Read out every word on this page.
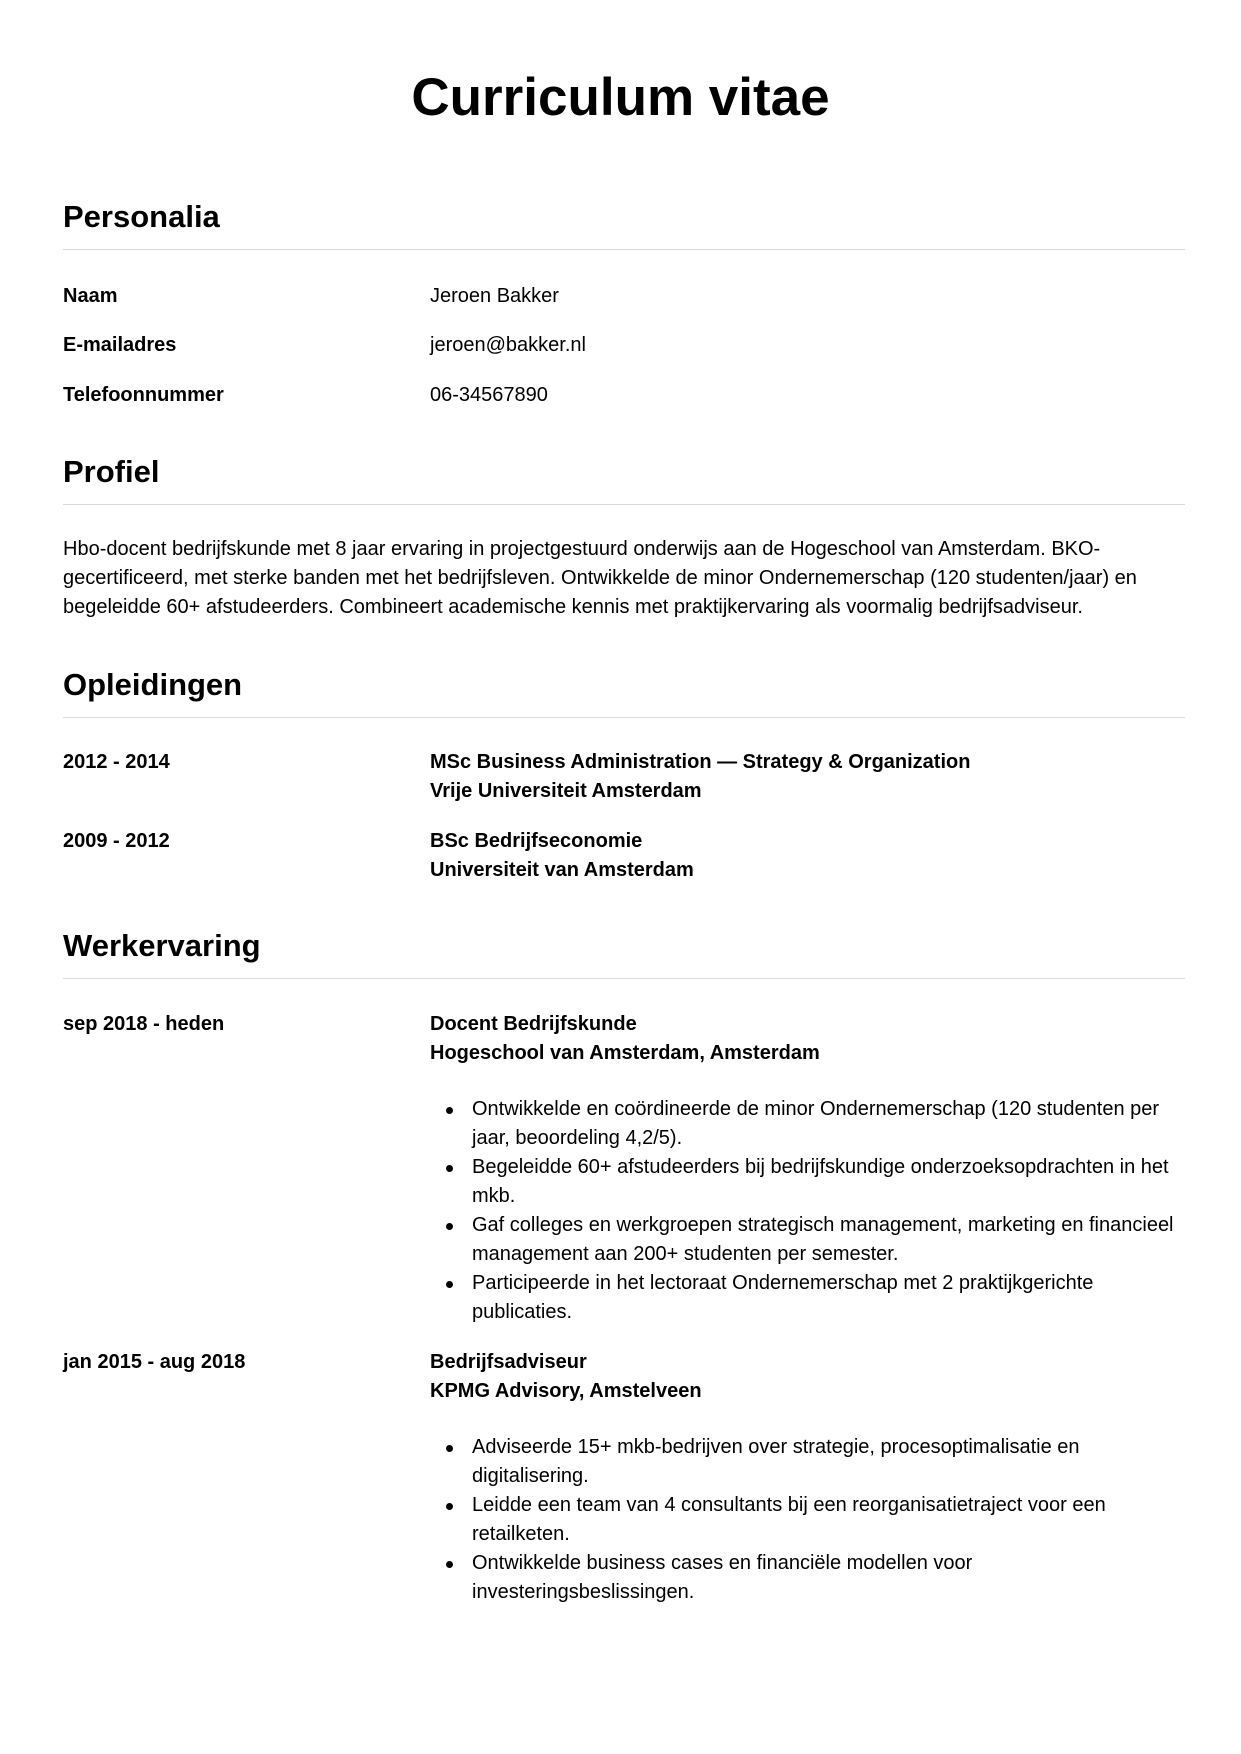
Curriculum vitae
Personalia
Naam	Jeroen Bakker
E-mailadres	jeroen@bakker.nl
Telefoonnummer	06-34567890
Profiel

Hbo-docent bedrijfskunde met 8 jaar ervaring in projectgestuurd onderwijs aan de Hogeschool van Amsterdam. BKO-gecertificeerd, met sterke banden met het bedrijfsleven. Ontwikkelde de minor Ondernemerschap (120 studenten/jaar) en begeleidde 60+ afstudeerders. Combineert academische kennis met praktijkervaring als voormalig bedrijfsadviseur.

Opleidingen
2012 - 2014	MSc Business Administration — Strategy & Organization
Vrije Universiteit Amsterdam
2009 - 2012	BSc Bedrijfseconomie
Universiteit van Amsterdam
Werkervaring
sep 2018 - heden	Docent Bedrijfskunde
Hogeschool van Amsterdam, Amsterdam
Ontwikkelde en coördineerde de minor Ondernemerschap (120 studenten per jaar, beoordeling 4,2/5).
Begeleidde 60+ afstudeerders bij bedrijfskundige onderzoeksopdrachten in het mkb.
Gaf colleges en werkgroepen strategisch management, marketing en financieel management aan 200+ studenten per semester.
Participeerde in het lectoraat Ondernemerschap met 2 praktijkgerichte publicaties.
jan 2015 - aug 2018	Bedrijfsadviseur
KPMG Advisory, Amstelveen
Adviseerde 15+ mkb-bedrijven over strategie, procesoptimalisatie en digitalisering.
Leidde een team van 4 consultants bij een reorganisatietraject voor een retailketen.
Ontwikkelde business cases en financiële modellen voor investeringsbeslissingen.
